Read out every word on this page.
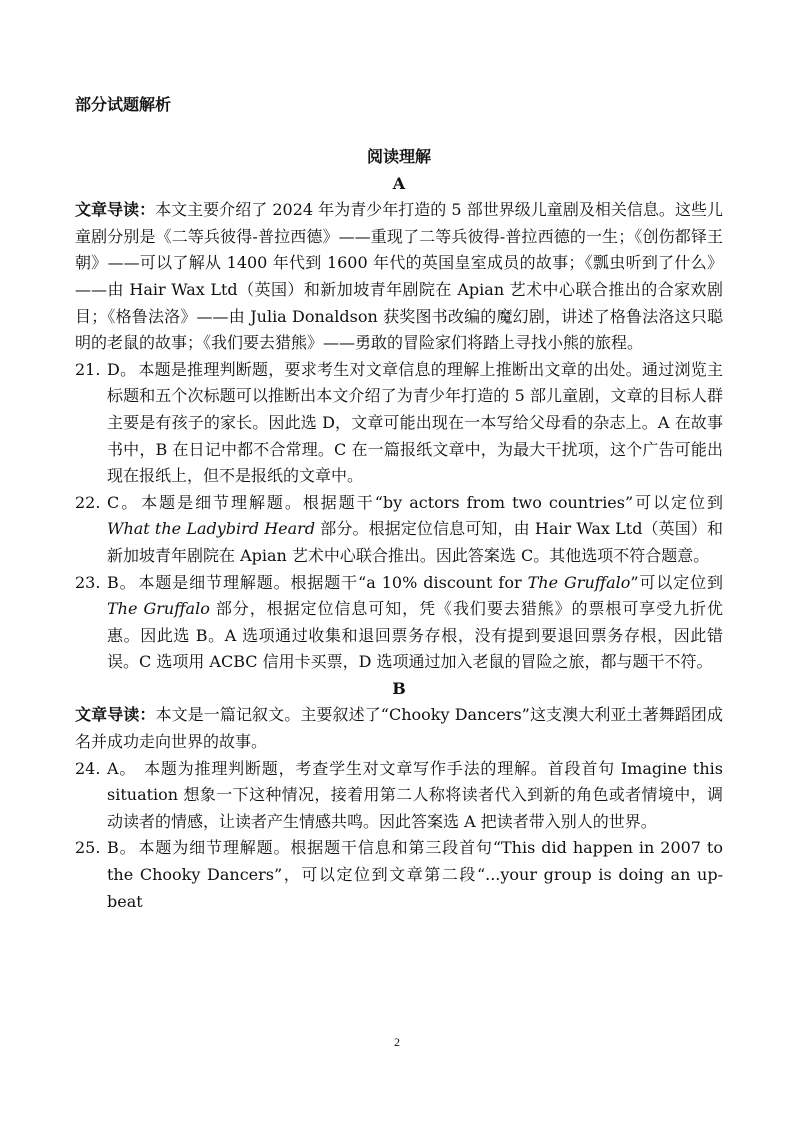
部分试题解析
阅读理解
A
文章导读：本文主要介绍了 2024 年为青少年打造的 5 部世界级儿童剧及相关信息。这些儿童剧分别是《二等兵彼得-普拉西德》——重现了二等兵彼得-普拉西德的一生；《创伤都铎王朝》——可以了解从 1400 年代到 1600 年代的英国皇室成员的故事；《瓢虫听到了什么》——由 Hair Wax Ltd（英国）和新加坡青年剧院在 Apian 艺术中心联合推出的合家欢剧目；《格鲁法洛》——由 Julia Donaldson 获奖图书改编的魔幻剧，讲述了格鲁法洛这只聪明的老鼠的故事；《我们要去猎熊》——勇敢的冒险家们将踏上寻找小熊的旅程。
21. D。 本题是推理判断题，要求考生对文章信息的理解上推断出文章的出处。通过浏览主标题和五个次标题可以推断出本文介绍了为青少年打造的 5 部儿童剧，文章的目标人群主要是有孩子的家长。因此选 D，文章可能出现在一本写给父母看的杂志上。A 在故事书中，B 在日记中都不合常理。C 在一篇报纸文章中，为最大干扰项，这个广告可能出现在报纸上，但不是报纸的文章中。
22. C。 本题是细节理解题。根据题干“by actors from two countries”可以定位到 What the Ladybird Heard 部分。根据定位信息可知，由 Hair Wax Ltd（英国）和新加坡青年剧院在 Apian 艺术中心联合推出。因此答案选 C。其他选项不符合题意。
23. B。 本题是细节理解题。根据题干“a 10% discount for The Gruffalo”可以定位到 The Gruffalo 部分，根据定位信息可知，凭《我们要去猎熊》的票根可享受九折优惠。因此选 B。A 选项通过收集和退回票务存根，没有提到要退回票务存根，因此错误。C 选项用 ACBC 信用卡买票，D 选项通过加入老鼠的冒险之旅，都与题干不符。
B
文章导读：本文是一篇记叙文。主要叙述了“Chooky Dancers”这支澳大利亚土著舞蹈团成名并成功走向世界的故事。
24. A。 本题为推理判断题，考查学生对文章写作手法的理解。首段首句 Imagine this situation 想象一下这种情况，接着用第二人称将读者代入到新的角色或者情境中，调动读者的情感，让读者产生情感共鸣。因此答案选 A 把读者带入别人的世界。
25. B。 本题为细节理解题。根据题干信息和第三段首句“This did happen in 2007 to the Chooky Dancers”，可以定位到文章第二段“...your group is doing an up-beat
2
